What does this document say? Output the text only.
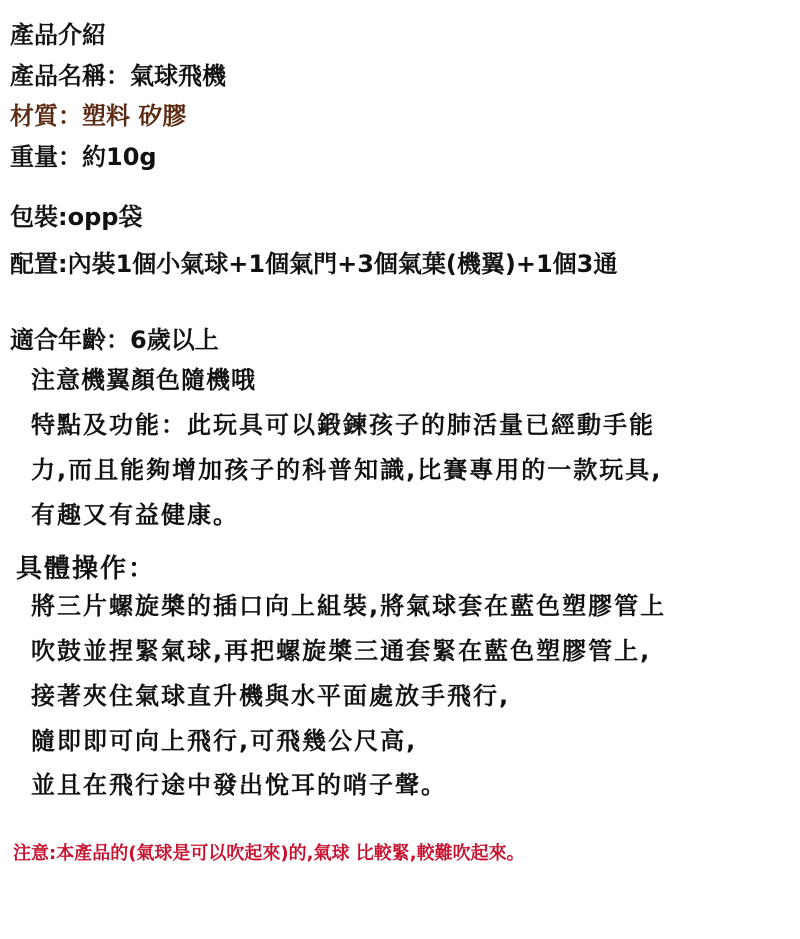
產品介紹
產品名稱：氣球飛機
材質：塑料 矽膠
重量：約10g
包裝:opp袋
配置:內裝1個小氣球+1個氣門+3個氣葉(機翼)+1個3通
適合年齡：6歲以上
注意機翼顏色隨機哦
特點及功能：此玩具可以鍛鍊孩子的肺活量已經動手能
力,而且能夠增加孩子的科普知識,比賽專用的一款玩具,
有趣又有益健康。
具體操作：
將三片螺旋槳的插口向上組裝,將氣球套在藍色塑膠管上
吹鼓並捏緊氣球,再把螺旋槳三通套緊在藍色塑膠管上,
接著夾住氣球直升機與水平面處放手飛行,
隨即即可向上飛行,可飛幾公尺高,
並且在飛行途中發出悅耳的哨子聲。
注意:本產品的(氣球是可以吹起來)的,氣球 比較緊,較難吹起來。
